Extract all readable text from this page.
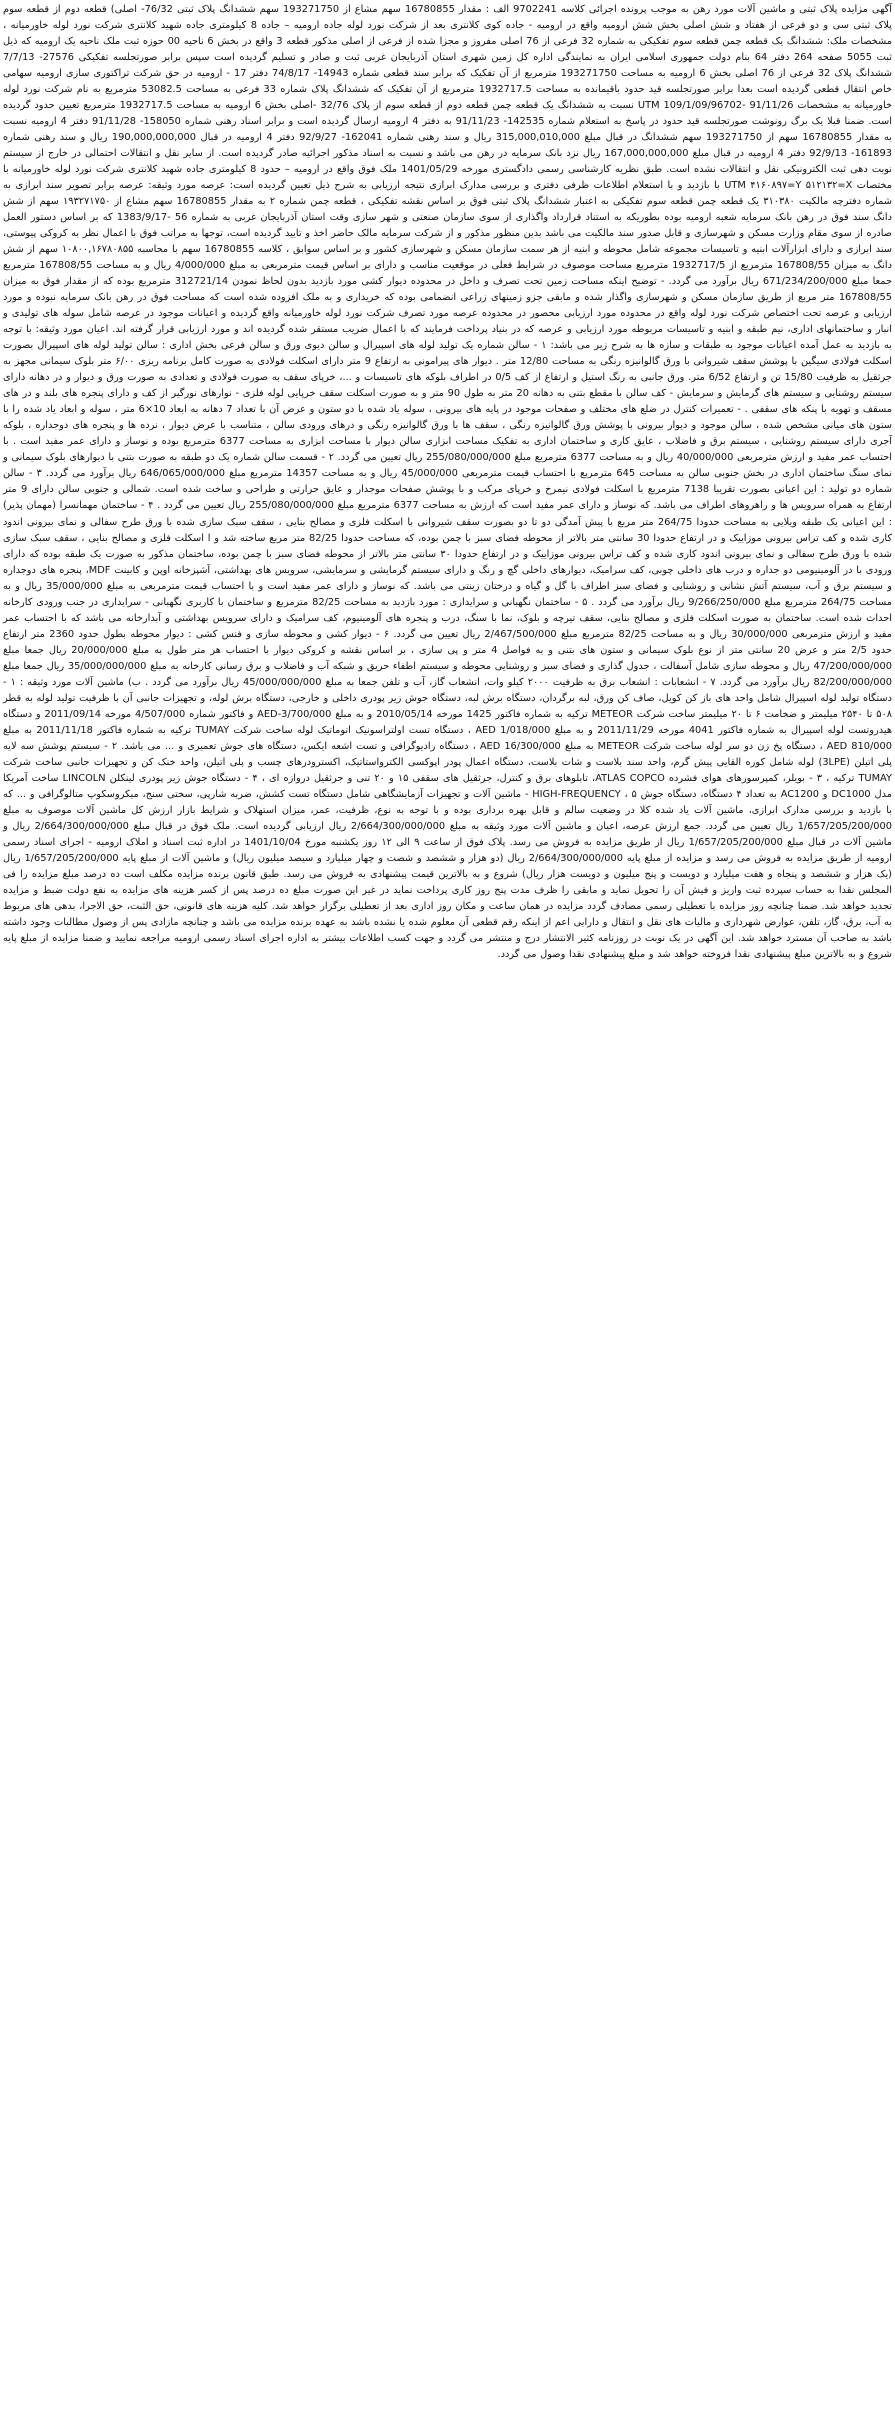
آگهی مزایده پلاک ثبتی و ماشین آلات مورد رهن به موجب پرونده اجرائی کلاسه 9702241 الف : مقدار 16780855 سهم مشاع از 193271750 سهم ششدانگ پلاک ثبتی 76/32- اصلی) قطعه دوم از قطعه سوم پلاک ثبتی سی و دو فرعی از هفتاد و شش اصلی بخش شش ارومیه واقع در ارومیه - جاده کوی کلانتری بعد از شرکت نورد لوله جاده ارومیه – جاده 8 کیلومتری جاده شهید کلانتری شرکت نورد لوله خاورمیانه ، مشخصات ملک: ششدانگ یک قطعه چمن قطعه سوم تفکیکی به شماره 32 فرعی از 76 اصلی مفروز و مجزا شده از فرعی از اصلی مذکور قطعه 3 واقع در بخش 6 ناحیه 00 حوزه ثبت ملک ناحیه یک ارومیه که ذیل ثبت 5055 صفحه 264 دفتر 64 بنام دولت جمهوری اسلامی ایران به نمایندگی اداره کل زمین شهری استان آذربایجان غربی ثبت و صادر و تسلیم گردیده است سپس برابر صورتجلسه تفکیکی 27576- 7/7/13 ششدانگ پلاک 32 فرعی از 76 اصلی بخش 6 ارومیه به مساحت 193271750 مترمربع از آن تفکیک که برابر سند قطعی شماره 14943- 74/8/17 دفتر 17 - ارومیه در حق شرکت تراکتوری سازی ارومیه سهامی خاص انتقال قطعی گردیده است بعدا برابر صورتجلسه قید حدود باقیمانده به مساحت 1932717.5 مترمربع از آن تفکیک که ششدانگ پلاک شماره 33 فرعی به مساحت 53082.5 مترمربع به نام شرکت نورد لوله خاورمیانه به مشخصات UTM 109/1/09/96702- 91/11/26 نسبت به ششدانگ یک قطعه چمن قطعه دوم از قطعه سوم از پلاک 32/76 -اصلی بخش 6 ارومیه به مساحت 1932717.5 مترمربع تعیین حدود گردیده است. ضمنا قبلا یک برگ رونوشت صورتجلسه قید حدود در پاسخ به استعلام شماره 142535- 91/11/23 به دفتر 4 ارومیه ارسال گردیده است و برابر اسناد رهنی شماره 158050- 91/11/28 دفتر 4 ارومیه نسبت به مقدار 16780855 سهم از 193271750 سهم ششدانگ در قبال مبلغ 315,000,010,000 ریال و سند رهنی شماره 162041- 92/9/27 دفتر 4 ارومیه در قبال 190,000,000,000 ریال و سند رهنی شماره 161893- 92/9/13 دفتر 4 ارومیه در قبال مبلغ 167,000,000,000 ریال نزد بانک سرمایه در رهن می باشد و نسبت به اسناد مذکور اجرائیه صادر گردیده است. از سایر نقل و انتقالات احتمالی در خارج از سیستم نوبت دهی ثبت الکترونیکی نقل و انتقالات نشده است. طبق نظریه کارشناسی رسمی دادگستری مورخه 1401/05/29 ملک فوق واقع در ارومیه – حدود 8 کیلومتری جاده شهید کلانتری شرکت نورد لوله خاورمیانه با مختصات UTM ۴۱۶۰۸۹۷=Y ۵۱۲۱۳۲=X با بازدید و با استعلام اطلاعات ظرفی دفتری و بررسی مدارک ابرازی نتیجه ارزیابی به شرح ذیل تعیین گردیده است: عرصه مورد وثیقه: عرصه برابر تصویر سند ابرازی به شماره دفترچه مالکیت ۳۱۰۳۸۰ یک قطعه چمن قطعه سوم تفکیکی به اعتبار ششدانگ پلاک ثبتی فوق بر اساس نقشه تفکیکی ، قطعه چمن شماره ۲ به مقدار 16780855 سهم مشاع از ۱۹۳۲۷۱۷۵۰ سهم از شش دانگ سند فوق در رهن بانک سرمایه شعبه ارومیه بوده بطوریکه به استناد قرارداد واگذاری از سوی سازمان صنعتی و شهر سازی وقت استان آذربایجان غربی به شماره 56 -1383/9/17 که بر اساس دستور العمل صادره از سوی مقام وزارت مسکن و شهرسازی و قابل صدور سند مالکیت می باشد بدین منظور مذکور و از شرکت سرمایه مالک حاضر اخذ و تایید گردیده است، توجها به مراتب فوق با اعمال نظر به کروکی پیوستی، سند ابرازی و دارای ابزارآلات ابنیه و تاسیسات مجموعه شامل محوطه و ابنیه از هر سمت سازمان مسکن و شهرسازی کشور و بر اساس سوابق ، کلاسه 16780855 سهم با محاسبه ۱۰۸۰۰,۱۶۷۸۰۸۵۵ سهم از شش دانگ به میزان 167808/55 مترمربع از 1932717/5 مترمربع مساحت موصوف در شرایط فعلی در موقعیت مناسب و دارای بر اساس قیمت مترمربعی به مبلغ 4/000/000 ریال و به مساحت 167808/55 مترمربع جمعا مبلغ 671/234/200/000 ریال برآورد می گردد. - توضیح اینکه مساحت زمین تحت تصرف و داخل در محدوده دیوار کشی مورد بازدید بدون لحاظ نمودن 312721/14 مترمربع بوده که از مقدار فوق به میزان 167808/55 متر مربع از طریق سازمان مسکن و شهرسازی واگذار شده و مابقی جزو زمینهای زراعی انضمامی بوده که خریداری و به ملک افزوده شده است که مساحت فوق در رهن بانک سرمایه نبوده و مورد ارزیابی و عرصه تحت اختصاص شرکت نورد لوله واقع در محدوده مورد ارزیابی محصور در محدوده عرصه مورد تصرف شرکت نورد لوله خاورمیانه واقع گردیده و اعیانات موجود در عرصه شامل سوله های تولیدی و انبار و ساختمانهای اداری، نیم طبقه و ابنیه و تاسیسات مربوطه مورد ارزیابی و عرصه که در بنیاد پرداخت فرمایند که با اعمال ضریب مستقر شده گردیده اند و مورد ارزیابی قرار گرفته اند. اعیان مورد وثیقه: با توجه به بازدید به عمل آمده اعیانات موجود به طبقات و سازه ها به شرح زیر می باشد: ۱ - سالن شماره یک تولید لوله های اسپیرال و سالن دیوی ورق و سالن فرعی بخش اداری : سالن تولید لوله های اسپیرال بصورت اسکلت فولادی سیگین با پوشش سقف شیروانی با ورق گالوانیزه رنگی به مساحت 12/80 متر . دیوار های پیرامونی به ارتفاع 9 متر دارای اسکلت فولادی به صورت کامل برنامه ریزی ۶/۰۰ متر بلوک سیمانی مجهز به جرثقیل به ظرفیت 15/80 تن و ارتفاع 6/52 متر. ورق جانبی به رنگ استیل و ارتفاع از کف 0/5 در اطراف بلوکه های تاسیسات و ...، خرپای سقف به صورت فولادی و تعدادی به صورت ورق و دیوار و در دهانه دارای سیستم روشنایی و سیستم های گرمایش و سرمایش - کف سالن با مقطع بتنی به دهانه 20 متر به طول 90 متر و به صورت اسکلت سقف خرپایی لوله فلزی - نوارهای نورگیر از کف و دارای پنجره های بلند و در های مسقف و تهویه با پنکه های سقفی . - تعمیرات کنترل در ضلع های مختلف و صفحات موجود در پایه های بیرونی ، سوله یاد شده با دو ستون و عرض آن با تعداد 7 دهانه به ابعاد 10×6 متر ، سوله و ابعاد یاد شده را با ستون های میانی مشخص شده ، سالن موجود و دیوار بیرونی با پوشش ورق گالوانیزه رنگی ، سقف ها با ورق گالوانیزه رنگی و درهای ورودی سالن ، متناسب با عرض دیوار ، نرده ها و پنجره های دوجداره ، بلوکه آجری دارای سیستم روشنایی ، سیستم برق و فاضلاب ، عایق کاری و ساختمان اداری به تفکیک مساحت ابزاری سالن دیوار با مساحت ابزاری به مساحت 6377 مترمربع بوده و نوساز و دارای عمر مفید است . با احتساب عمر مفید و ارزش مترمربعی 40/000/000 ریال و به مساحت 6377 مترمربع مبلغ 255/080/000/000 ریال تعیین می گردد. ۲ - قسمت سالن شماره یک دو طبقه به صورت بتنی با دیوارهای بلوک سیمانی و نمای سنگ ساختمان اداری در بخش جنوبی سالن به مساحت 645 مترمربع با احتساب قیمت مترمربعی 45/000/000 ریال و به مساحت 14357 مترمربع مبلغ 646/065/000/000 ریال برآورد می گردد. ۳ - سالن شماره دو تولید : این اعیانی بصورت تقریبا 7138 مترمربع با اسکلت فولادی نیمرخ و خرپای مرکب و با پوشش صفحات موجدار و عایق حرارتی و طراحی و ساخت شده است. شمالی و جنوبی سالن دارای 9 متر ارتفاع به همراه سرویس ها و راهروهای اطراف می باشد. که نوساز و دارای عمر مفید است که ارزش به مساحت 6377 مترمربع مبلغ 255/080/000/000 ریال تعیین می گردد . ۴ - ساختمان مهمانسرا (مهمان پذیر) : این اعیانی یک طبقه ویلایی به مساحت حدودا 264/75 متر مربع با پیش آمدگی دو تا دو بصورت سقف شیروانی با اسکلت فلزی و مصالح بنایی ، سقف سبک سازی شده با ورق طرح سفالی و نمای بیرونی اندود کاری شده و کف تراس بیرونی موزاییک و در ارتفاع حدودا 30 سانتی متر بالاتر از محوطه فضای سبز با چمن بوده، که مساحت حدودا 82/25 متر مربع ساخته شد و ا اسکلت فلزی و مصالح بنایی ، سقف سبک سازی شده با ورق طرح سفالی و نمای بیرونی اندود کاری شده و کف تراس بیرونی موزاییک و در ارتفاع حدودا ۳۰ سانتی متر بالاتر از محوطه فضای سبز با چمن بوده، ساختمان مذکور به صورت یک طبقه بوده که دارای ورودی با در آلومینیومی دو جداره و درب های داخلی چوبی، کف سرامیک، دیوارهای داخلی گچ و رنگ و دارای سیستم گرمایشی و سرمایشی، سرویس های بهداشتی، آشپزخانه اوپن و کابینت MDF، پنجره های دوجداره و سیستم برق و آب، سیستم آتش نشانی و روشنایی و فضای سبز اطراف با گل و گیاه و درختان زینتی می باشد. که نوساز و دارای عمر مفید است و با احتساب قیمت مترمربعی به مبلغ 35/000/000 ریال و به مساحت 264/75 مترمربع مبلغ 9/266/250/000 ریال برآورد می گردد . ۵ - ساختمان نگهبانی و سرایداری : مورد بازدید به مساحت 82/25 مترمربع و ساختمان با کاربری نگهبانی - سرایداری در جنب ورودی کارخانه احداث شده است. ساختمان به صورت اسکلت فلزی و مصالح بنایی، سقف تیرچه و بلوک، نما با سنگ، درب و پنجره های آلومینیوم، کف سرامیک و دارای سرویس بهداشتی و آبدارخانه می باشد که با احتساب عمر مفید و ارزش مترمربعی 30/000/000 ریال و به مساحت 82/25 مترمربع مبلغ 2/467/500/000 ریال تعیین می گردد. ۶ - دیوار کشی و محوطه سازی و فنس کشی : دیوار محوطه بطول حدود 2360 متر ارتفاع حدود 2/5 متر و عرض 20 سانتی متر از نوع بلوک سیمانی و ستون های بتنی و به فواصل 4 متر و پی سازی ، بر اساس نقشه و کروکی دیوار با احتساب هر متر طول به مبلغ 20/000/000 ریال جمعا مبلغ 47/200/000/000 ریال و محوطه سازی شامل آسفالت ، جدول گذاری و فضای سبز و روشنایی محوطه و سیستم اطفاء حریق و شبکه آب و فاضلاب و برق رسانی کارخانه به مبلغ 35/000/000/000 ریال جمعا مبلغ 82/200/000/000 ریال برآورد می گردد. ۷ - انشعابات : انشعاب برق به ظرفیت ۲۰۰۰ کیلو وات، انشعاب گاز، آب و تلفن جمعا به مبلغ 45/000/000/000 ریال برآورد می گردد . ب) ماشین آلات مورد وثیقه : ۱ - دستگاه تولید لوله اسپیرال شامل واحد های باز کن کویل، صاف کن ورق، لبه برگردان، دستگاه برش لبه، دستگاه جوش زیر پودری داخلی و خارجی، دستگاه برش لوله، و تجهیزات جانبی آن با ظرفیت تولید لوله به قطر ۵۰۸ تا ۲۵۴۰ میلیمتر و ضخامت ۶ تا ۲۰ میلیمتر ساخت شرکت METEOR ترکیه به شماره فاکتور 1425 مورخه 2010/05/14 و به مبلغ AED-3/700/000 و فاکتور شماره 4/507/000 مورخه 2011/09/14 و دستگاه هیدروتست لوله اسپیرال به شماره فاکتور 4041 مورخه 2011/11/29 و به مبلغ AED 1/018/000 ، دستگاه تست اولتراسونیک اتوماتیک لوله ساخت شرکت TUMAY ترکیه به شماره فاکتور 2011/11/18 به مبلغ AED 810/000 ، دستگاه پخ زن دو سر لوله ساخت شرکت METEOR به مبلغ AED 16/300/000 ، دستگاه رادیوگرافی و تست اشعه ایکس، دستگاه های جوش تعمیری و ... می باشد. ۲ - سیستم پوشش سه لایه پلی اتیلن (3LPE) لوله شامل کوره القایی پیش گرم، واحد سند بلاست و شات بلاست، دستگاه اعمال پودر اپوکسی الکترواستاتیک، اکسترودرهای چسب و پلی اتیلن، واحد خنک کن و تجهیزات جانبی ساخت شرکت TUMAY ترکیه ، ۳ - بویلر، کمپرسورهای هوای فشرده ATLAS COPCO، تابلوهای برق و کنترل، جرثقیل های سقفی ۱۵ و ۲۰ تنی و جرثقیل دروازه ای ، ۴ - دستگاه جوش زیر پودری لینکلن LINCOLN ساخت آمریکا مدل DC1000 و AC1200 به تعداد ۴ دستگاه، دستگاه جوش HIGH-FREQUENCY ، ۵ - ماشین آلات و تجهیزات آزمایشگاهی شامل دستگاه تست کشش، ضربه شارپی، سختی سنج، میکروسکوپ متالوگرافی و ... که با بازدید و بررسی مدارک ابرازی، ماشین آلات یاد شده کلا در وضعیت سالم و قابل بهره برداری بوده و با توجه به نوع، ظرفیت، عمر، میزان استهلاک و شرایط بازار ارزش کل ماشین آلات موصوف به مبلغ 1/657/205/200/000 ریال تعیین می گردد. جمع ارزش عرصه، اعیان و ماشین آلات مورد وثیقه به مبلغ 2/664/300/000/000 ریال ارزیابی گردیده است. ملک فوق در قبال مبلغ 2/664/300/000/000 ریال و ماشین آلات در قبال مبلغ 1/657/205/200/000 ریال از طریق مزایده به فروش می رسد. پلاک فوق از ساعت ۹ الی ۱۲ روز یکشنبه مورخ 1401/10/04 در اداره ثبت اسناد و املاک ارومیه - اجرای اسناد رسمی ارومیه از طریق مزایده به فروش می رسد و مزایده از مبلغ پایه 2/664/300/000/000 ریال (دو هزار و ششصد و شصت و چهار میلیارد و سیصد میلیون ریال) و ماشین آلات از مبلغ پایه 1/657/205/200/000 ریال (یک هزار و ششصد و پنجاه و هفت میلیارد و دویست و پنج میلیون و دویست هزار ریال) شروع و به بالاترین قیمت پیشنهادی به فروش می رسد. طبق قانون برنده مزایده مکلف است ده درصد مبلغ مزایده را فی المجلس نقدا به حساب سپرده ثبت واریز و فیش آن را تحویل نماید و مابقی را ظرف مدت پنج روز کاری پرداخت نماید در غیر این صورت مبلغ ده درصد پس از کسر هزینه های مزایده به نفع دولت ضبط و مزایده تجدید خواهد شد. ضمنا چنانچه روز مزایده با تعطیلی رسمی مصادف گردد مزایده در همان ساعت و مکان روز اداری بعد از تعطیلی برگزار خواهد شد. کلیه هزینه های قانونی، حق الثبت، حق الاجرا، بدهی های مربوط به آب، برق، گاز، تلفن، عوارض شهرداری و مالیات های نقل و انتقال و دارایی اعم از اینکه رقم قطعی آن معلوم شده یا نشده باشد به عهده برنده مزایده می باشد و چنانچه مازادی پس از وصول مطالبات وجود داشته باشد به صاحب آن مسترد خواهد شد. این آگهی در یک نوبت در روزنامه کثیر الانتشار درج و منتشر می گردد و جهت کسب اطلاعات بیشتر به اداره اجرای اسناد رسمی ارومیه مراجعه نمایید و ضمنا مزایده از مبلغ پایه شروع و به بالاترین مبلغ پیشنهادی نقدا فروخته خواهد شد و مبلغ پیشنهادی نقدا وصول می گردد.
